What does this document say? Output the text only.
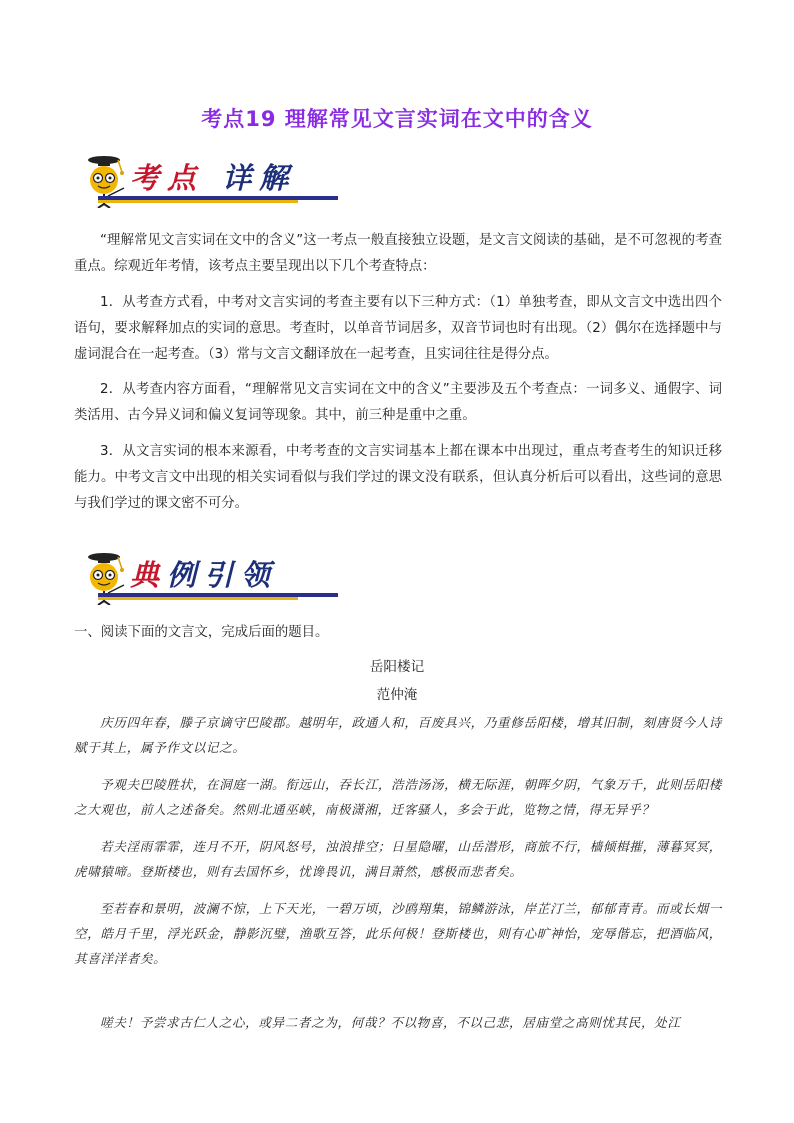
考点19 理解常见文言实词在文中的含义
考点 详解

“理解常见文言实词在文中的含义”这一考点一般直接独立设题，是文言文阅读的基础，是不可忽视的考查重点。综观近年考情，该考点主要呈现出以下几个考查特点：

1．从考查方式看，中考对文言实词的考查主要有以下三种方式：（1）单独考查，即从文言文中选出四个语句，要求解释加点的实词的意思。考查时，以单音节词居多，双音节词也时有出现。（2）偶尔在选择题中与虚词混合在一起考查。（3）常与文言文翻译放在一起考查，且实词往往是得分点。

2．从考查内容方面看，“理解常见文言实词在文中的含义”主要涉及五个考查点：一词多义、通假字、词类活用、古今异义词和偏义复词等现象。其中，前三种是重中之重。

3．从文言实词的根本来源看，中考考查的文言实词基本上都在课本中出现过，重点考查考生的知识迁移能力。中考文言文中出现的相关实词看似与我们学过的课文没有联系，但认真分析后可以看出，这些词的意思与我们学过的课文密不可分。

典例引领

一、阅读下面的文言文，完成后面的题目。

岳阳楼记
范仲淹

庆历四年春，滕子京谪守巴陵郡。越明年，政通人和，百废具兴，乃重修岳阳楼，增其旧制，刻唐贤今人诗赋于其上，属予作文以记之。

予观夫巴陵胜状，在洞庭一湖。衔远山，吞长江，浩浩汤汤，横无际涯，朝晖夕阴，气象万千，此则岳阳楼之大观也，前人之述备矣。然则北通巫峡，南极潇湘，迁客骚人，多会于此，览物之情，得无异乎？

若夫淫雨霏霏，连月不开，阴风怒号，浊浪排空；日星隐曜，山岳潜形，商旅不行，樯倾楫摧，薄暮冥冥，虎啸猿啼。登斯楼也，则有去国怀乡，忧谗畏讥，满目萧然，感极而悲者矣。

至若春和景明，波澜不惊，上下天光，一碧万顷，沙鸥翔集，锦鳞游泳，岸芷汀兰，郁郁青青。而或长烟一空，皓月千里，浮光跃金，静影沉璧，渔歌互答，此乐何极！登斯楼也，则有心旷神怡，宠辱偕忘，把酒临风，其喜洋洋者矣。

嗟夫！予尝求古仁人之心，或异二者之为，何哉？不以物喜，不以己悲，居庙堂之高则忧其民，处江
